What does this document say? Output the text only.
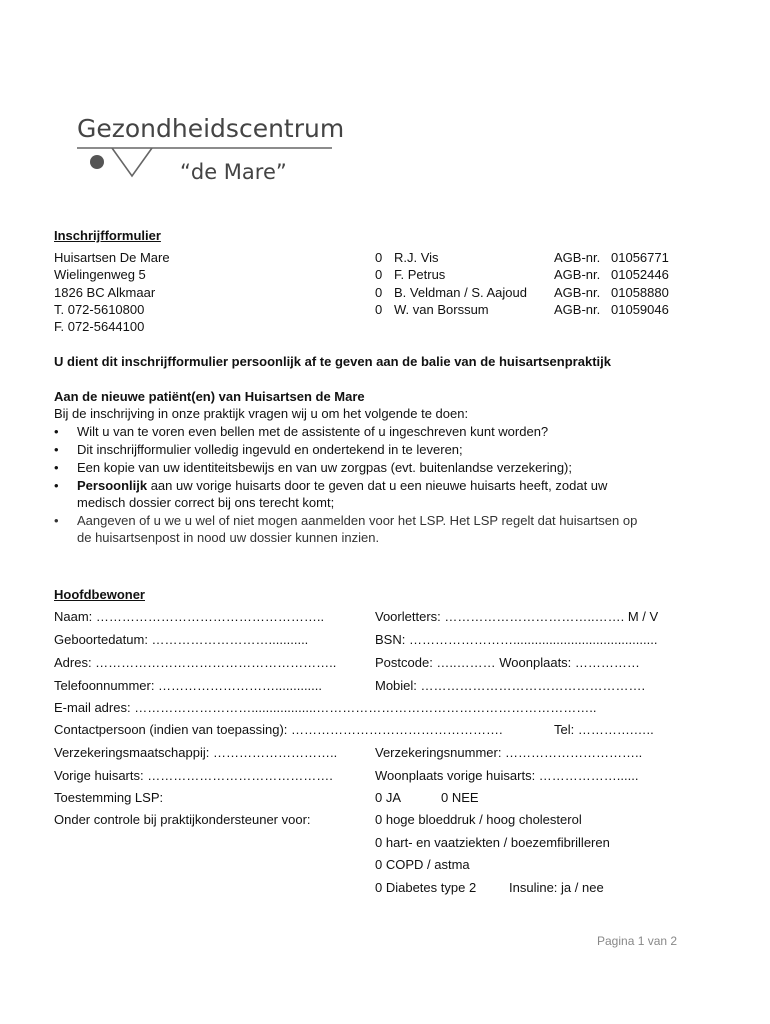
Gezondheidscentrum
“de Mare”
Inschrijfformulier
Huisartsen De Mare
Wielingenweg 5
1826 BC Alkmaar
T. 072-5610800
F. 072-5644100
0 R.J. Vis	AGB-nr. 01056771
0 F. Petrus	AGB-nr. 01052446
0 B. Veldman / S. Aajoud AGB-nr. 01058880
0 W. van Borssum	AGB-nr. 01059046
U dient dit inschrijfformulier persoonlijk af te geven aan de balie van de huisartsenpraktijk
Aan de nieuwe patiënt(en) van Huisartsen de Mare
Bij de inschrijving in onze praktijk vragen wij u om het volgende te doen:
• Wilt u van te voren even bellen met de assistente of u ingeschreven kunt worden?
• Dit inschrijfformulier volledig ingevuld en ondertekend in te leveren;
• Een kopie van uw identiteitsbewijs en van uw zorgpas (evt. buitenlandse verzekering);
• Persoonlijk aan uw vorige huisarts door te geven dat u een nieuwe huisarts heeft, zodat uw
medisch dossier correct bij ons terecht komt;
• Aangeven of u we u wel of niet mogen aanmelden voor het LSP. Het LSP regelt dat huisartsen op
de huisartsenpost in nood uw dossier kunnen inzien.
Hoofdbewoner
Naam: ……………………………………………..	Voorletters: ……………………………..……. M / V
Geboortedatum: ………………………...........	BSN: ……………………........................................
Adres: ………………………………………………..	Postcode: …..……… Woonplaats: ……………
Telefoonnummer: ……………………….............	Mobiel: …………………………………………….
E-mail adres: ………………………..................………………………………………………………..
Contactpersoon (indien van toepassing): ………………………………………….	Tel: ………….…..
Verzekeringsmaatschappij: ………………………..	Verzekeringsnummer: …………………………..
Vorige huisarts: …………………………………….	Woonplaats vorige huisarts: ………………......
Toestemming LSP:	0 JA	0 NEE
Onder controle bij praktijkondersteuner voor:	0 hoge bloeddruk / hoog cholesterol
0 hart- en vaatziekten / boezemfibrilleren
0 COPD / astma
0 Diabetes type 2	Insuline: ja / nee
Pagina 1 van 2
